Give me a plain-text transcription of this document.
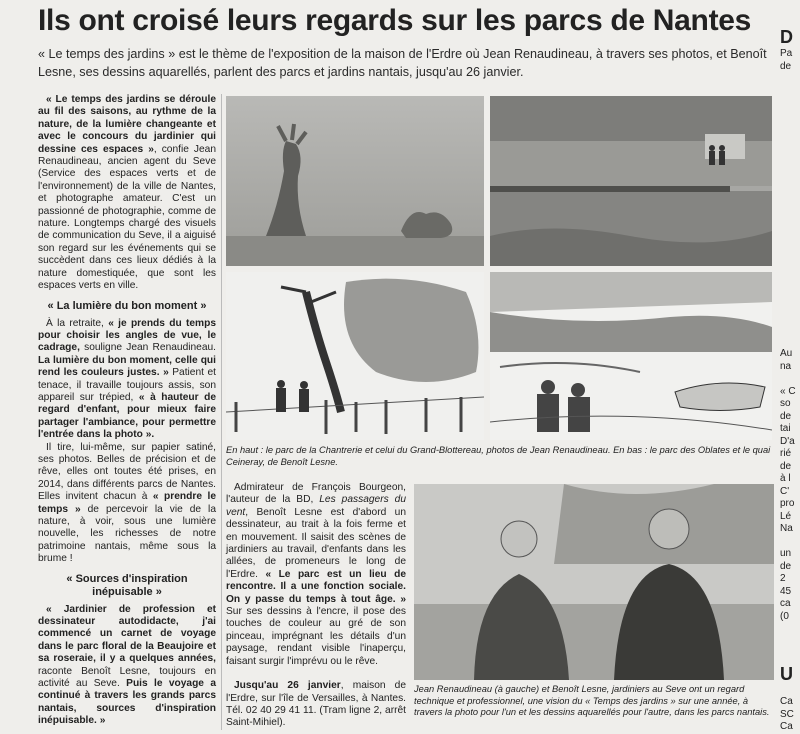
Ils ont croisé leurs regards sur les parcs de Nantes
« Le temps des jardins » est le thème de l'exposition de la maison de l'Erdre où Jean Renaudineau, à travers ses photos, et Benoît Lesne, ses dessins aquarellés, parlent des parcs et jardins nantais, jusqu'au 26 janvier.

« Le temps des jardins se déroule au fil des saisons, au rythme de la nature, de la lumière changeante et avec le concours du jardinier qui dessine ces espaces », confie Jean Renaudineau, ancien agent du Seve (Service des espaces verts et de l'environnement) de la ville de Nantes, et photographe amateur. C'est un passionné de photographie, comme de nature. Longtemps chargé des visuels de communication du Seve, il a aiguisé son regard sur les événements qui se succèdent dans ces lieux dédiés à la nature domestiquée, que sont les espaces verts en ville.

« La lumière du bon moment »

À la retraite, « je prends du temps pour choisir les angles de vue, le cadrage, souligne Jean Renaudineau. La lumière du bon moment, celle qui rend les couleurs justes. » Patient et tenace, il travaille toujours assis, son appareil sur trépied, « à hauteur de regard d'enfant, pour mieux faire partager l'ambiance, pour permettre l'entrée dans la photo ».

Il tire, lui-même, sur papier satiné, ses photos. Belles de précision et de rêve, elles ont toutes été prises, en 2014, dans différents parcs de Nantes. Elles invitent chacun à « prendre le temps » de percevoir la vie de la nature, à voir, sous une lumière nouvelle, les richesses de notre patrimoine nantais, même sous la brume !

« Sources d'inspiration inépuisable »

« Jardinier de profession et dessinateur autodidacte, j'ai commencé un carnet de voyage dans le parc floral de la Beaujoire et sa roseraie, il y a quelques années, raconte Benoît Lesne, toujours en activité au Seve. Puis le voyage a continué à travers les grands parcs nantais, sources d'inspiration inépuisable. »

En haut : le parc de la Chantrerie et celui du Grand-Blottereau, photos de Jean Renaudineau. En bas : le parc des Oblates et le quai Ceineray, de Benoît Lesne.

Admirateur de François Bourgeon, l'auteur de la BD, Les passagers du vent, Benoît Lesne est d'abord un dessinateur, au trait à la fois ferme et en mouvement. Il saisit des scènes de jardiniers au travail, d'enfants dans les allées, de promeneurs le long de l'Erdre. « Le parc est un lieu de rencontre. Il a une fonction sociale. On y passe du temps à tout âge. » Sur ses dessins à l'encre, il pose des touches de couleur au gré de son pinceau, imprégnant les détails d'un paysage, rendant visible l'inaperçu, faisant surgir l'imprévu ou le rêve.

Jusqu'au 26 janvier, maison de l'Erdre, sur l'île de Versailles, à Nantes. Tél. 02 40 29 41 11. (Tram ligne 2, arrêt Saint-Mihiel).

Jean Renaudineau (à gauche) et Benoît Lesne, jardiniers au Seve ont un regard technique et professionnel, une vision du « Temps des jardins » sur une année, à travers la photo pour l'un et les dessins aquarellés pour l'autre, dans les parcs nantais.
D
Pa
de
Au
na
« C
so
de
tai
D'a
rié
de
à l
C'
pro
Lé
Na
un
de
2
45
ca
(0
U
Ca
SC
Ca
